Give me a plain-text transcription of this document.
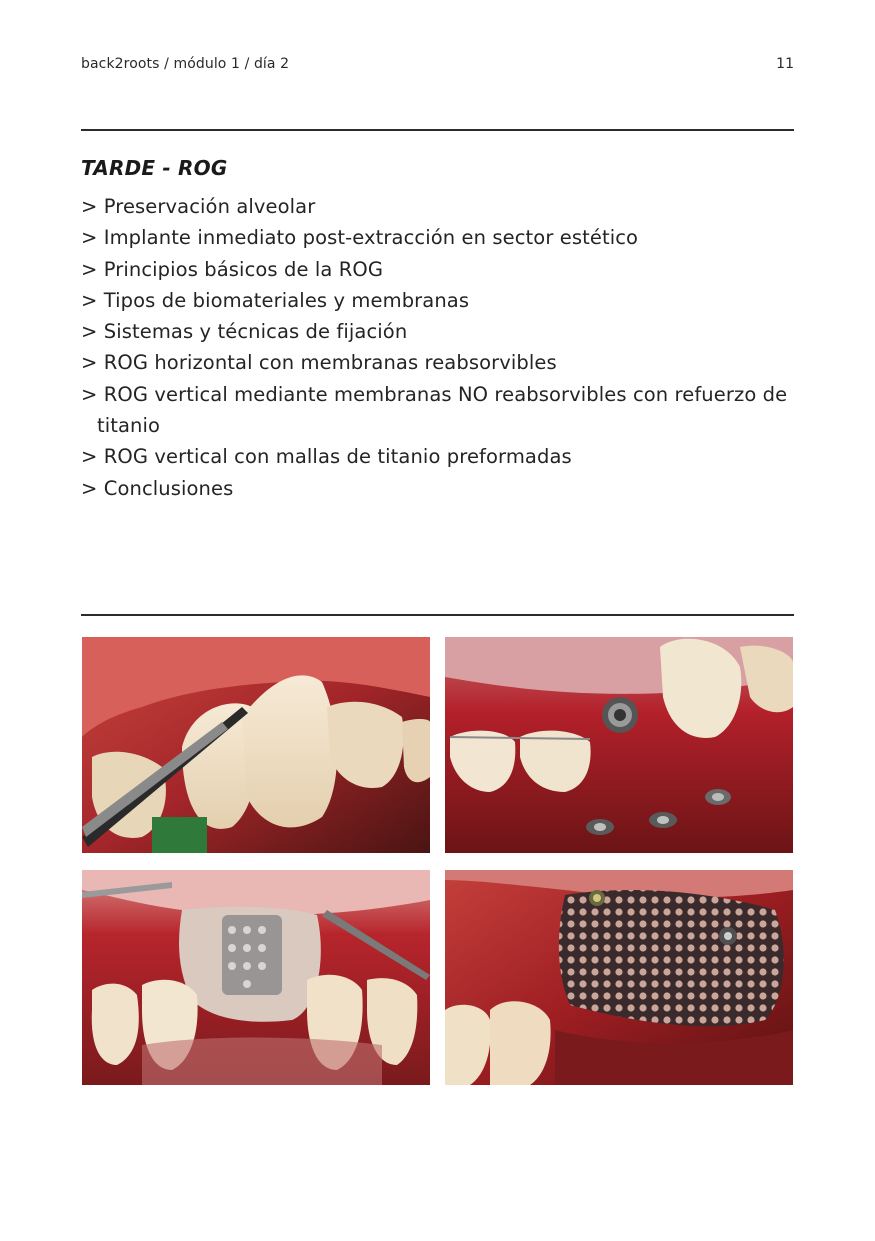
back2roots / módulo 1 / día 2	11
TARDE - ROG
> Preservación alveolar
> Implante inmediato post-extracción en sector estético
> Principios básicos de la ROG
> Tipos de biomateriales y membranas
> Sistemas y técnicas de fijación
> ROG horizontal con membranas reabsorvibles
> ROG vertical mediante membranas NO reabsorvibles con refuerzo de titanio
> ROG vertical con mallas de titanio preformadas
> Conclusiones
